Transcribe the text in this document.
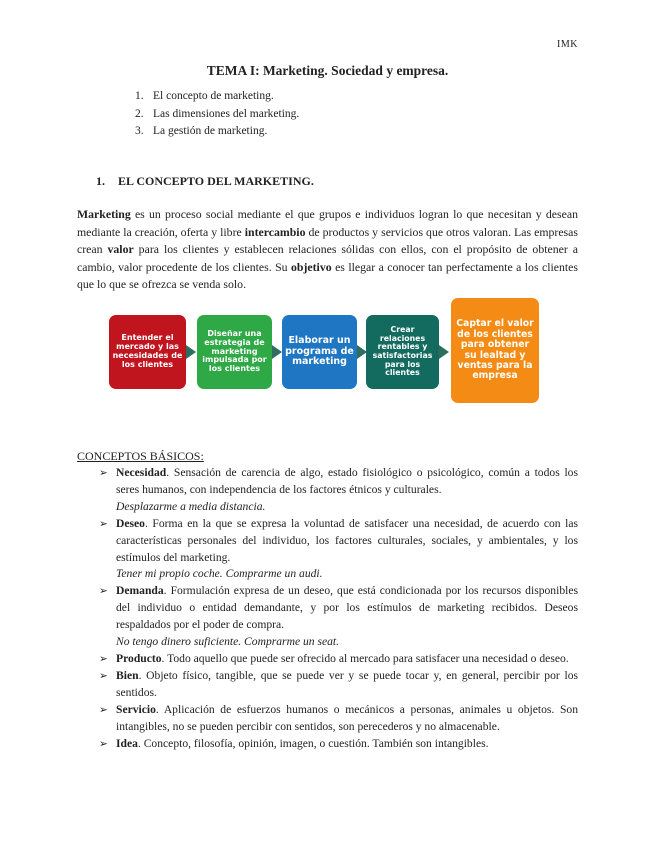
IMK
TEMA I: Marketing. Sociedad y empresa.
1. El concepto de marketing.
2. Las dimensiones del marketing.
3. La gestión de marketing.
1. EL CONCEPTO DEL MARKETING.
Marketing es un proceso social mediante el que grupos e individuos logran lo que necesitan y desean mediante la creación, oferta y libre intercambio de productos y servicios que otros valoran. Las empresas crean valor para los clientes y establecen relaciones sólidas con ellos, con el propósito de obtener a cambio, valor procedente de los clientes. Su objetivo es llegar a conocer tan perfectamente a los clientes que lo que se ofrezca se venda solo.
Entender el mercado y las necesidades de los clientes
Diseñar una estrategia de marketing impulsada por los clientes
Elaborar un programa de marketing
Crear relaciones rentables y satisfactorias para los clientes
Captar el valor de los clientes para obtener su lealtad y ventas para la empresa
CONCEPTOS BÁSICOS:
➢ Necesidad. Sensación de carencia de algo, estado fisiológico o psicológico, común a todos los seres humanos, con independencia de los factores étnicos y culturales.
Desplazarme a media distancia.
➢ Deseo. Forma en la que se expresa la voluntad de satisfacer una necesidad, de acuerdo con las características personales del individuo, los factores culturales, sociales, y ambientales, y los estímulos del marketing.
Tener mi propio coche. Comprarme un audi.
➢ Demanda. Formulación expresa de un deseo, que está condicionada por los recursos disponibles del individuo o entidad demandante, y por los estímulos de marketing recibidos. Deseos respaldados por el poder de compra.
No tengo dinero suficiente. Comprarme un seat.
➢ Producto. Todo aquello que puede ser ofrecido al mercado para satisfacer una necesidad o deseo.
➢ Bien. Objeto físico, tangible, que se puede ver y se puede tocar y, en general, percibir por los sentidos.
➢ Servicio. Aplicación de esfuerzos humanos o mecánicos a personas, animales u objetos. Son intangibles, no se pueden percibir con sentidos, son perecederos y no almacenable.
➢ Idea. Concepto, filosofía, opinión, imagen, o cuestión. También son intangibles.
